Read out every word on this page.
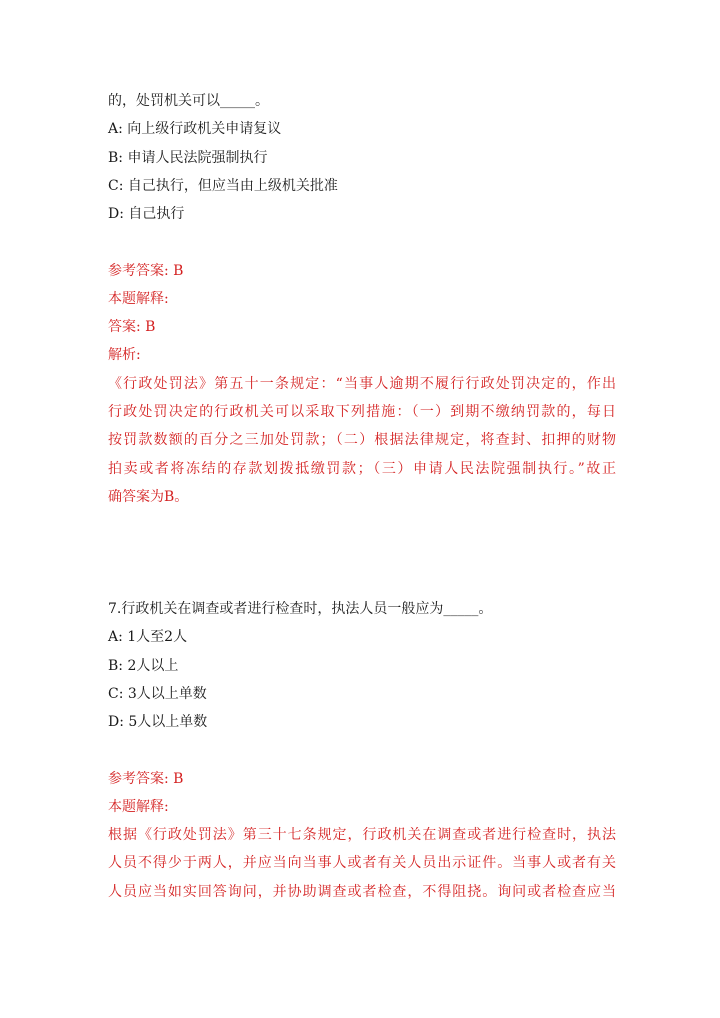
的，处罚机关可以_____。
A: 向上级行政机关申请复议
B: 申请人民法院强制执行
C: 自己执行，但应当由上级机关批准
D: 自己执行
参考答案: B
本题解释:
答案: B
解析:
《行政处罚法》第五十一条规定：“当事人逾期不履行行政处罚决定的，作出
行政处罚决定的行政机关可以采取下列措施：（一）到期不缴纳罚款的，每日
按罚款数额的百分之三加处罚款；（二）根据法律规定，将查封、扣押的财物
拍卖或者将冻结的存款划拨抵缴罚款；（三）申请人民法院强制执行。”故正
确答案为B。
7.行政机关在调查或者进行检查时，执法人员一般应为_____。
A: 1人至2人
B: 2人以上
C: 3人以上单数
D: 5人以上单数
参考答案: B
本题解释:
根据《行政处罚法》第三十七条规定，行政机关在调查或者进行检查时，执法
人员不得少于两人，并应当向当事人或者有关人员出示证件。当事人或者有关
人员应当如实回答询问，并协助调查或者检查，不得阻挠。询问或者检查应当
